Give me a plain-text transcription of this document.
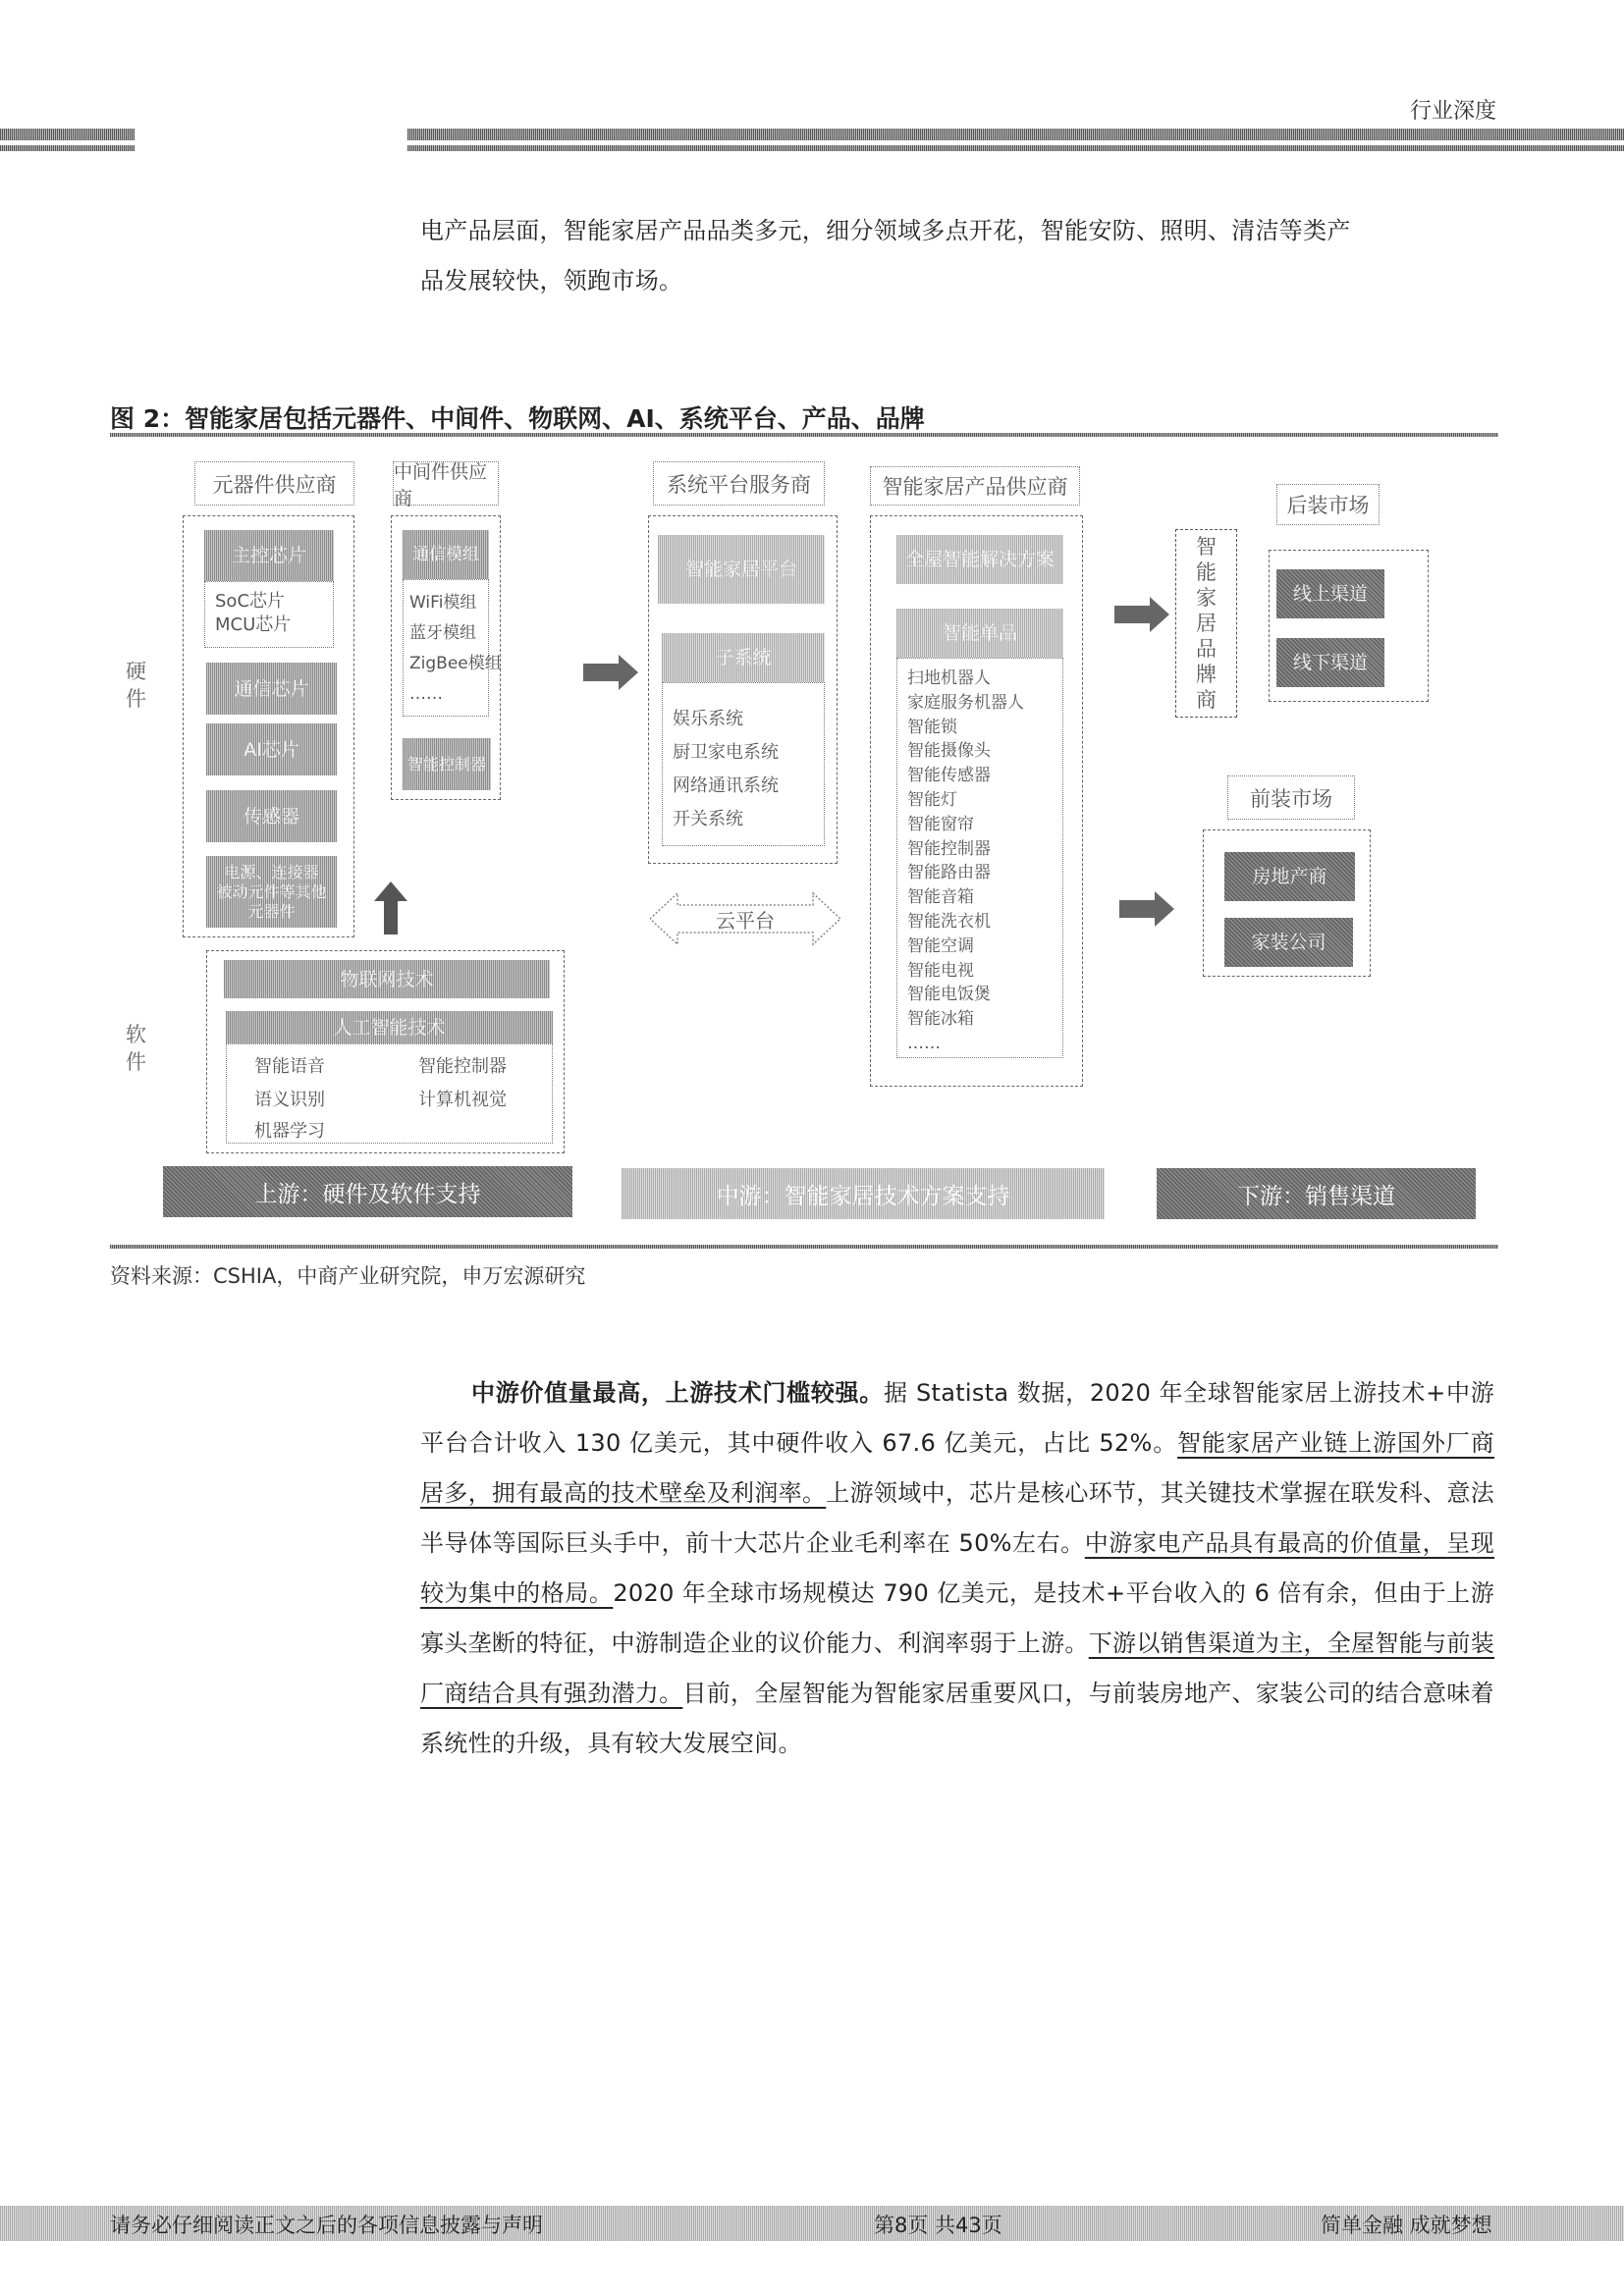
行业深度
电产品层面，智能家居产品品类多元，细分领域多点开花，智能安防、照明、清洁等类产
品发展较快，领跑市场。
图 2：智能家居包括元器件、中间件、物联网、AI、系统平台、产品、品牌
硬件
软件
元器件供应商
主控芯片
SoC芯片
MCU芯片
通信芯片
AI芯片
传感器
电源、连接器
被动元件等其他
元器件
中间件供应商
通信模组
WiFi模组
蓝牙模组
ZigBee模组
……
智能控制器
系统平台服务商
智能家居平台
子系统
娱乐系统
厨卫家电系统
网络通讯系统
开关系统
云平台
智能家居产品供应商
全屋智能解决方案
智能单品
扫地机器人
家庭服务机器人
智能锁
智能摄像头
智能传感器
智能灯
智能窗帘
智能控制器
智能路由器
智能音箱
智能洗衣机
智能空调
智能电视
智能电饭煲
智能冰箱
……
智能家居品牌商
后装市场
线上渠道
线下渠道
前装市场
房地产商
家装公司
物联网技术
人工智能技术
智能语音	智能控制器
语义识别	计算机视觉
机器学习
上游：硬件及软件支持	中游：智能家居技术方案支持	下游：销售渠道
资料来源：CSHIA，中商产业研究院，申万宏源研究
中游价值量最高，上游技术门槛较强。据 Statista 数据，2020 年全球智能家居上游技术+中游平台合计收入 130 亿美元，其中硬件收入 67.6 亿美元，占比 52%。智能家居产业链上游国外厂商居多，拥有最高的技术壁垒及利润率。上游领域中，芯片是核心环节，其关键技术掌握在联发科、意法半导体等国际巨头手中，前十大芯片企业毛利率在 50%左右。中游家电产品具有最高的价值量，呈现较为集中的格局。2020 年全球市场规模达 790 亿美元，是技术+平台收入的 6 倍有余，但由于上游寡头垄断的特征，中游制造企业的议价能力、利润率弱于上游。下游以销售渠道为主，全屋智能与前装厂商结合具有强劲潜力。目前，全屋智能为智能家居重要风口，与前装房地产、家装公司的结合意味着系统性的升级，具有较大发展空间。
请务必仔细阅读正文之后的各项信息披露与声明	第8页 共43页	简单金融 成就梦想
